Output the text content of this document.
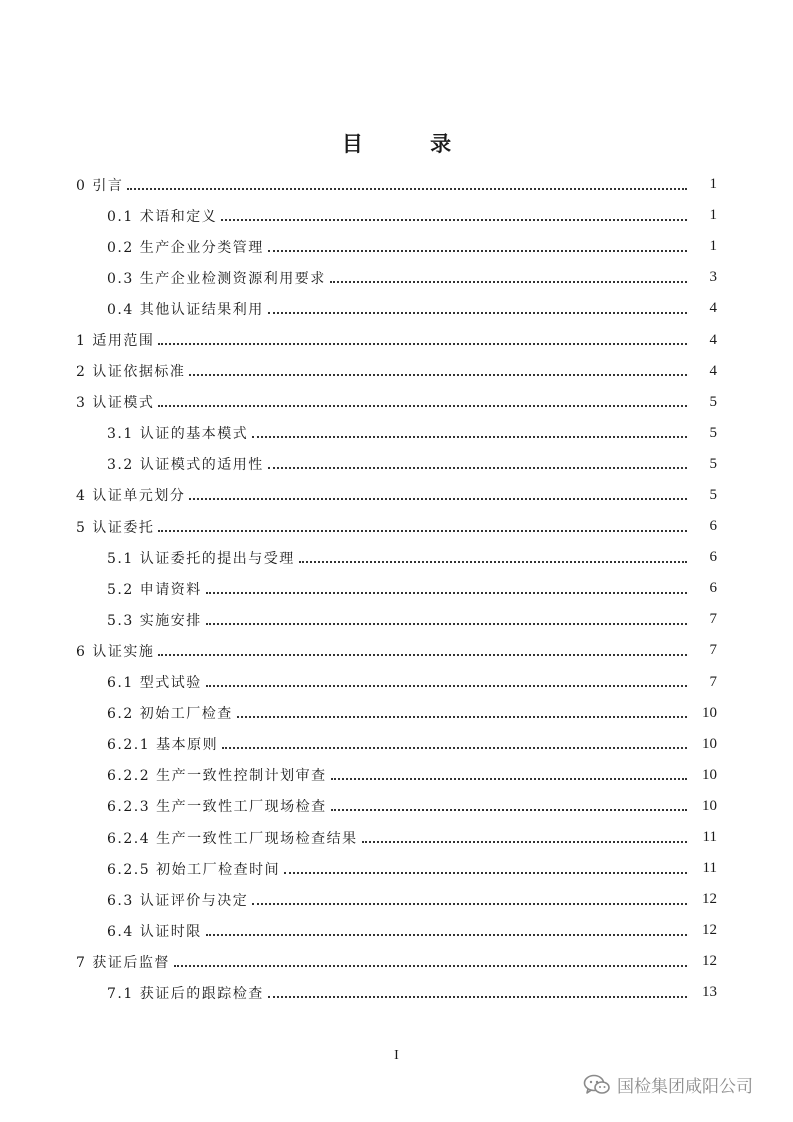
目 录
0 引言	1
0.1 术语和定义	1
0.2 生产企业分类管理	1
0.3 生产企业检测资源利用要求	3
0.4 其他认证结果利用	4
1 适用范围	4
2 认证依据标准	4
3 认证模式	5
3.1 认证的基本模式	5
3.2 认证模式的适用性	5
4 认证单元划分	5
5 认证委托	6
5.1 认证委托的提出与受理	6
5.2 申请资料	6
5.3 实施安排	7
6 认证实施	7
6.1 型式试验	7
6.2 初始工厂检查	10
6.2.1 基本原则	10
6.2.2 生产一致性控制计划审查	10
6.2.3 生产一致性工厂现场检查	10
6.2.4 生产一致性工厂现场检查结果	11
6.2.5 初始工厂检查时间	11
6.3 认证评价与决定	12
6.4 认证时限	12
7 获证后监督	12
7.1 获证后的跟踪检查	13
I
国检集团咸阳公司
